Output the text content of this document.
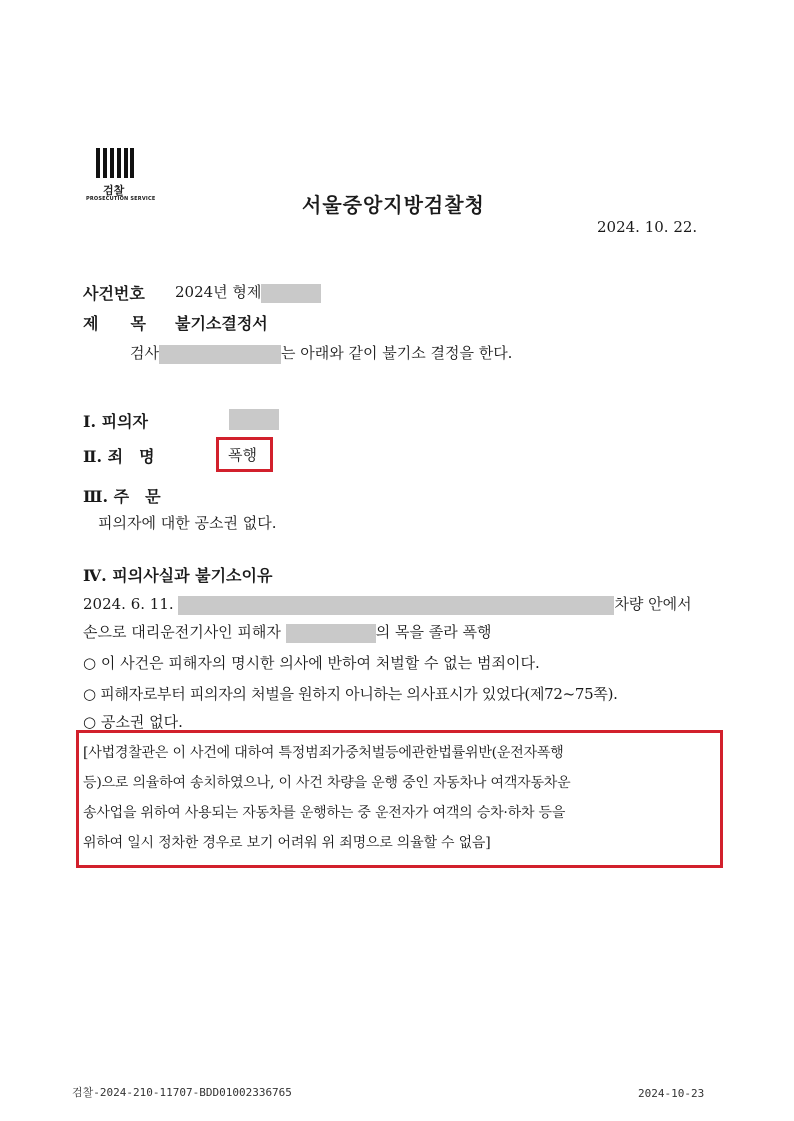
검찰
PROSECUTION SERVICE	서울중앙지방검찰청
2024. 10. 22.
사건번호 2024년 형제
제　　목 불기소결정서
검사	는 아래와 같이 불기소 결정을 한다.
Ⅰ. 피의자
Ⅱ. 죄　명	폭행
Ⅲ. 주　문
피의자에 대한 공소권 없다.
Ⅳ. 피의사실과 불기소이유
2024. 6. 11.	차량 안에서
손으로 대리운전기사인 피해자	의 목을 졸라 폭행
○ 이 사건은 피해자의 명시한 의사에 반하여 처벌할 수 없는 범죄이다.
○ 피해자로부터 피의자의 처벌을 원하지 아니하는 의사표시가 있었다(제72~75쪽).
○ 공소권 없다.
[사법경찰관은 이 사건에 대하여 특정범죄가중처벌등에관한법률위반(운전자폭행
등)으로 의율하여 송치하였으나, 이 사건 차량을 운행 중인 자동차나 여객자동차운
송사업을 위하여 사용되는 자동차를 운행하는 중 운전자가 여객의 승차·하차 등을
위하여 일시 정차한 경우로 보기 어려워 위 죄명으로 의율할 수 없음]
검찰-2024-210-11707-BDD01002336765	2024-10-23
